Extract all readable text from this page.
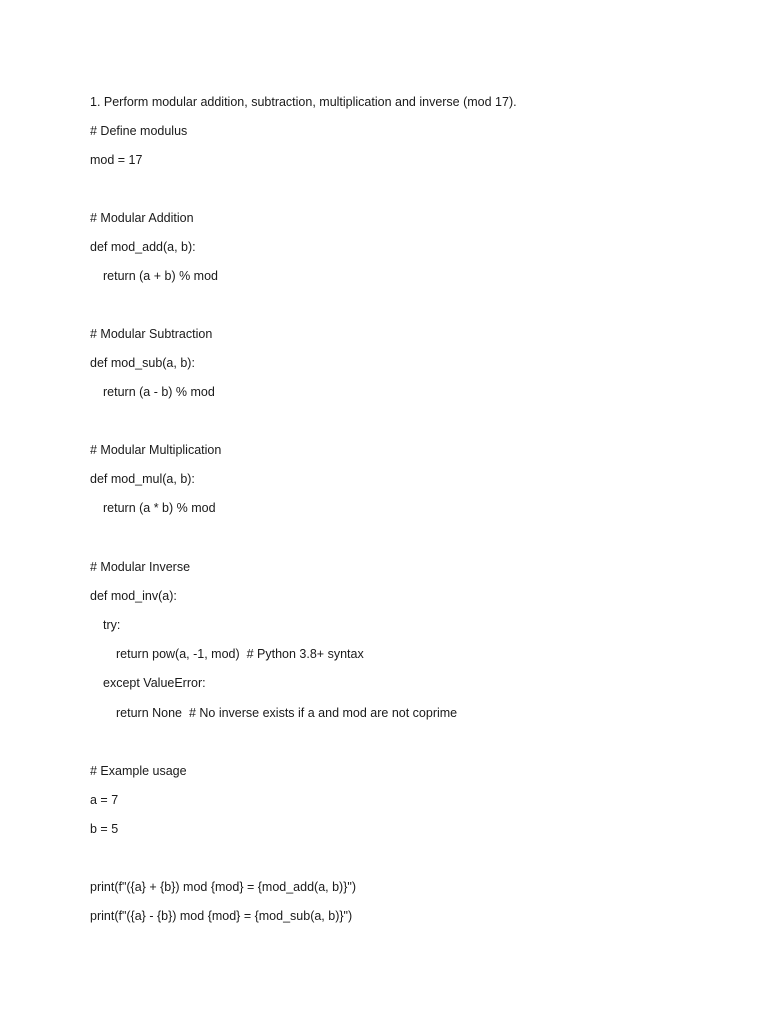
1. Perform modular addition, subtraction, multiplication and inverse (mod 17).
# Define modulus
mod = 17
# Modular Addition
def mod_add(a, b):
return (a + b) % mod
# Modular Subtraction
def mod_sub(a, b):
return (a - b) % mod
# Modular Multiplication
def mod_mul(a, b):
return (a * b) % mod
# Modular Inverse
def mod_inv(a):
try:
return pow(a, -1, mod)  # Python 3.8+ syntax
except ValueError:
return None  # No inverse exists if a and mod are not coprime
# Example usage
a = 7
b = 5
print(f"({a} + {b}) mod {mod} = {mod_add(a, b)}")
print(f"({a} - {b}) mod {mod} = {mod_sub(a, b)}")
